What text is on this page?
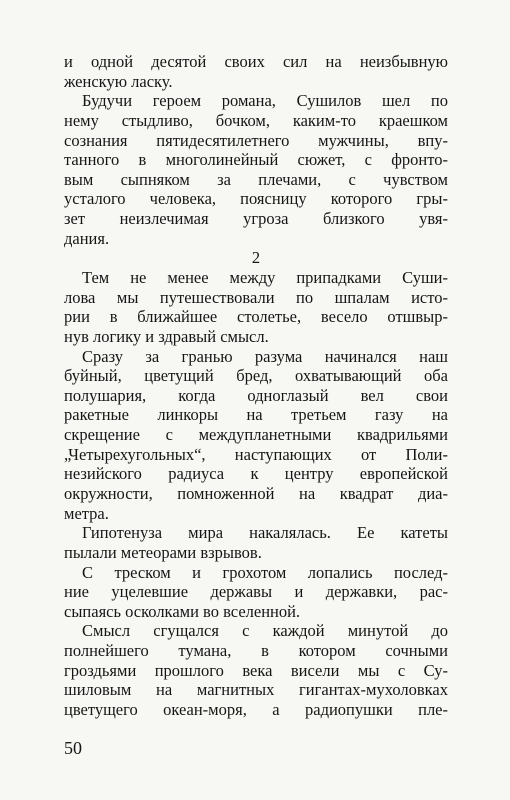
и одной десятой своих сил на неизбывную
женскую ласку.
Будучи героем романа, Сушилов шел по
нему стыдливо, бочком, каким-то краешком
сознания пятидесятилетнего мужчины, впу-
танного в многолинейный сюжет, с фронто-
вым сыпняком за плечами, с чувством
усталого человека, поясницу которого гры-
зет неизлечимая угроза близкого увя-
дания.
2
Тем не менее между припадками Суши-
лова мы путешествовали по шпалам исто-
рии в ближайшее столетье, весело отшвыр-
нув логику и здравый смысл.
Сразу за гранью разума начинался наш
буйный, цветущий бред, охватывающий оба
полушария, когда одноглазый вел свои
ракетные линкоры на третьем газу на
скрещение с междупланетными квадрильями
„Четырехугольных“, наступающих от Поли-
незийского радиуса к центру европейской
окружности, помноженной на квадрат диа-
метра.
Гипотенуза мира накалялась. Ее катеты
пылали метеорами взрывов.
С треском и грохотом лопались послед-
ние уцелевшие державы и державки, рас-
сыпаясь осколками во вселенной.
Смысл сгущался с каждой минутой до
полнейшего тумана, в котором сочными
гроздьями прошлого века висели мы с Су-
шиловым на магнитных гигантах-мухоловках
цветущего океан-моря, а радиопушки пле-
50
